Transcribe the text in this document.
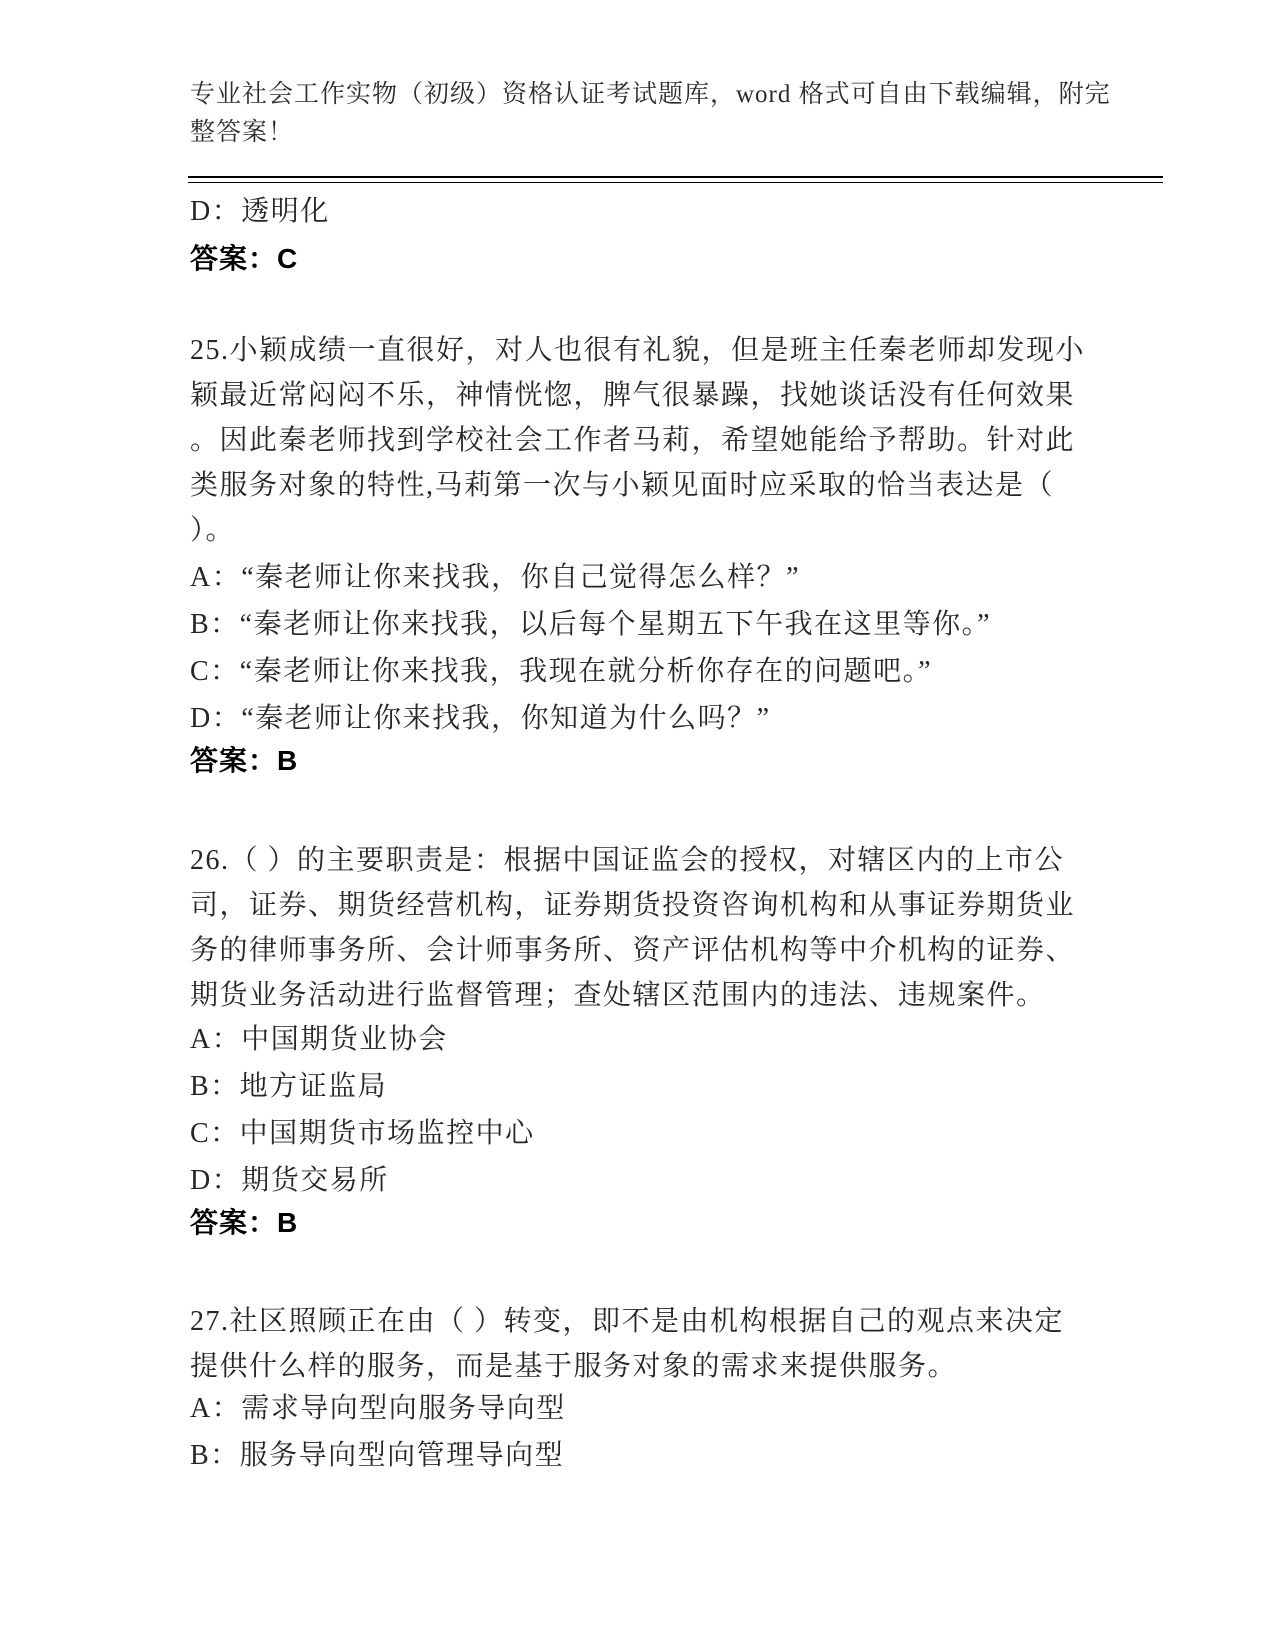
专业社会工作实物（初级）资格认证考试题库，word 格式可自由下载编辑，附完
整答案！
D：透明化
答案：C
25.小颖成绩一直很好，对人也很有礼貌，但是班主任秦老师却发现小
颖最近常闷闷不乐，神情恍惚，脾气很暴躁，找她谈话没有任何效果
。因此秦老师找到学校社会工作者马莉，希望她能给予帮助。针对此
类服务对象的特性,马莉第一次与小颖见面时应采取的恰当表达是（
）。
A：“秦老师让你来找我，你自己觉得怎么样？”
B：“秦老师让你来找我，以后每个星期五下午我在这里等你。”
C：“秦老师让你来找我，我现在就分析你存在的问题吧。”
D：“秦老师让你来找我，你知道为什么吗？”
答案：B
26.（ ）的主要职责是：根据中国证监会的授权，对辖区内的上市公
司，证券、期货经营机构，证券期货投资咨询机构和从事证券期货业
务的律师事务所、会计师事务所、资产评估机构等中介机构的证券、
期货业务活动进行监督管理；查处辖区范围内的违法、违规案件。
A：中国期货业协会
B：地方证监局
C：中国期货市场监控中心
D：期货交易所
答案：B
27.社区照顾正在由（ ）转变，即不是由机构根据自己的观点来决定
提供什么样的服务，而是基于服务对象的需求来提供服务。
A：需求导向型向服务导向型
B：服务导向型向管理导向型
